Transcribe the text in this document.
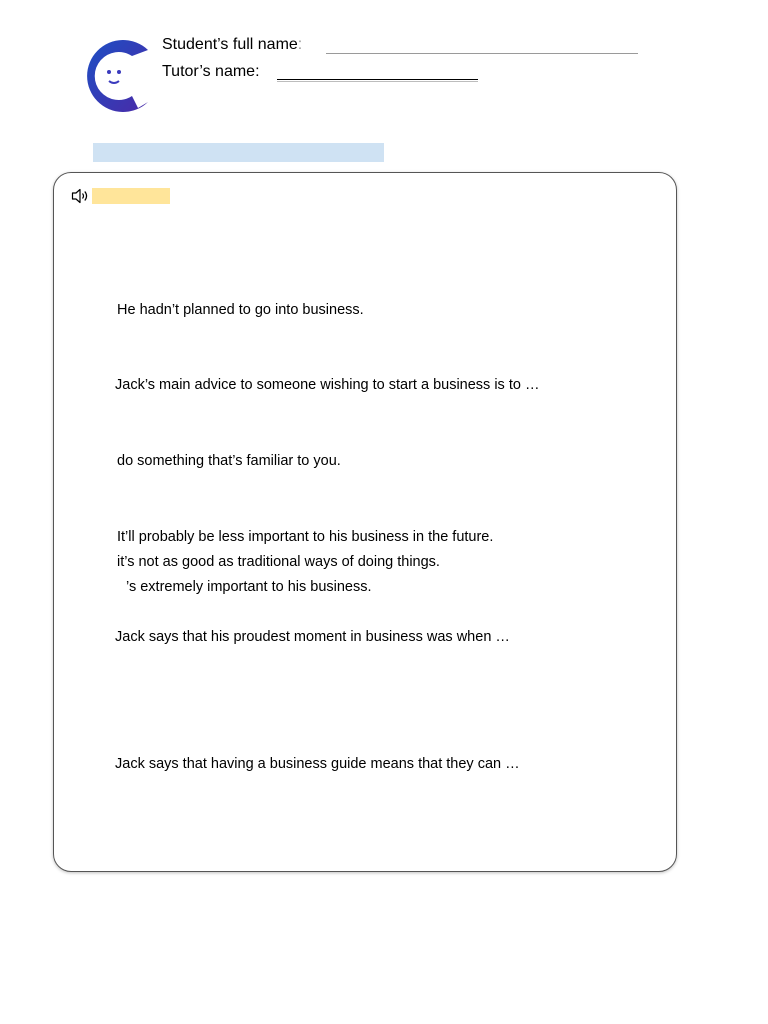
Student’s full name:
Tutor’s name:
He hadn’t planned to go into business.
Jack’s main advice to someone wishing to start a business is to …
do something that’s familiar to you.
It’ll probably be less important to his business in the future.
it’s not as good as traditional ways of doing things.
’s extremely important to his business.
Jack says that his proudest moment in business was when …
Jack says that having a business guide means that they can …
